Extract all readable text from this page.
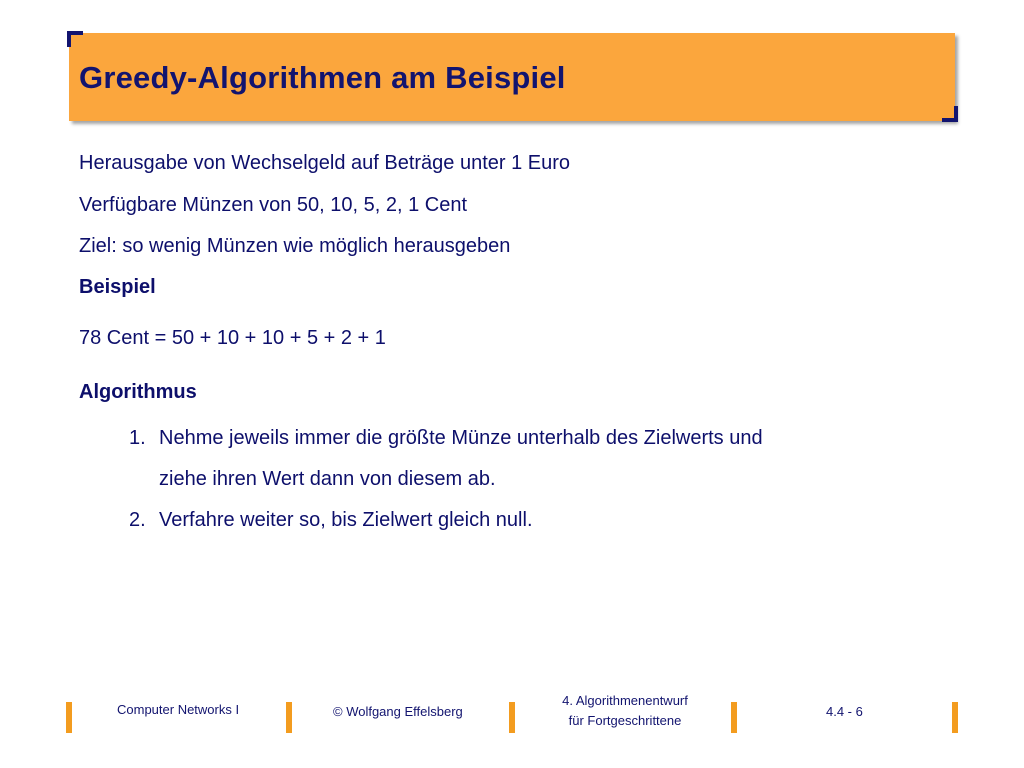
Greedy-Algorithmen am Beispiel
Herausgabe von Wechselgeld auf Beträge unter 1 Euro
Verfügbare Münzen von 50, 10, 5, 2, 1 Cent
Ziel: so wenig Münzen wie möglich herausgeben
Beispiel
78 Cent = 50 + 10 + 10 + 5 + 2 + 1
Algorithmus
1. Nehme jeweils immer die größte Münze unterhalb des Zielwerts und
ziehe ihren Wert dann von diesem ab.
2. Verfahre weiter so, bis Zielwert gleich null.
Computer Networks I	© Wolfgang Effelsberg
4. Algorithmenentwurf
für Fortgeschrittene
4.4 - 6
